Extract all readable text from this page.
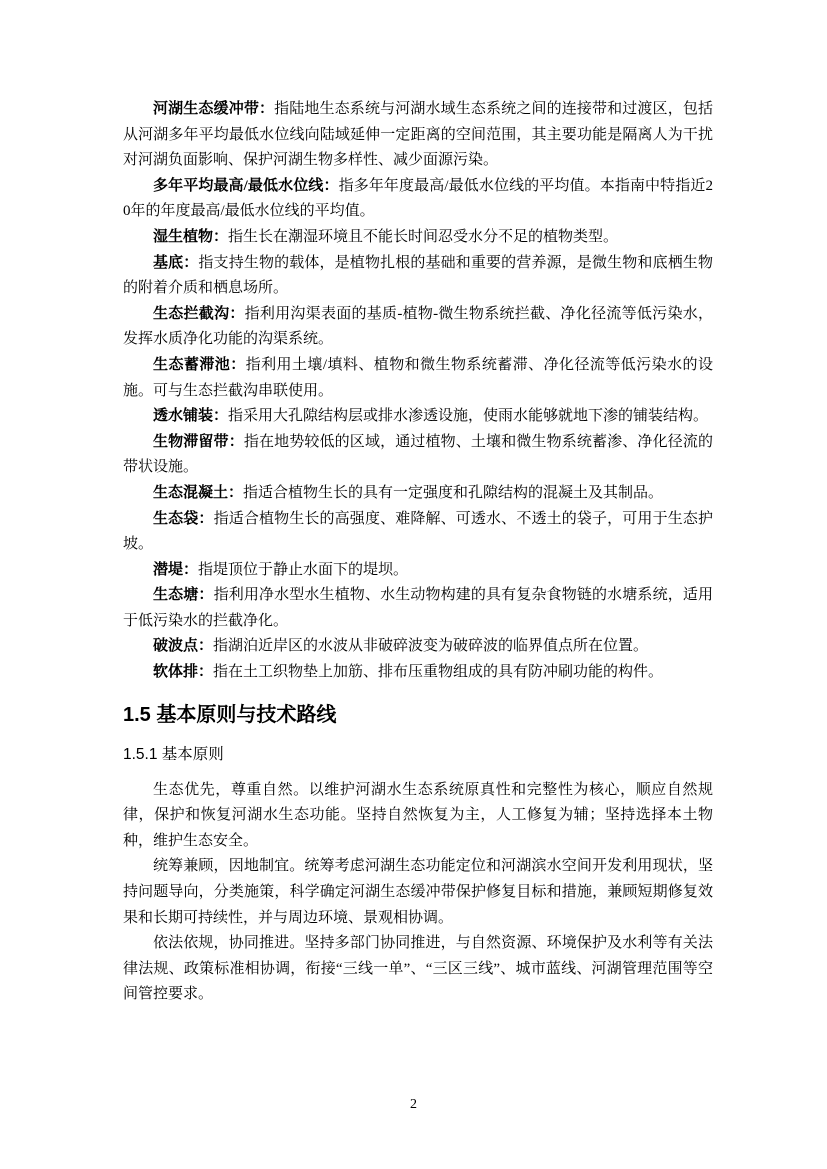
河湖生态缓冲带：指陆地生态系统与河湖水域生态系统之间的连接带和过渡区，包括从河湖多年平均最低水位线向陆域延伸一定距离的空间范围，其主要功能是隔离人为干扰对河湖负面影响、保护河湖生物多样性、减少面源污染。

多年平均最高/最低水位线：指多年年度最高/最低水位线的平均值。本指南中特指近20年的年度最高/最低水位线的平均值。

湿生植物：指生长在潮湿环境且不能长时间忍受水分不足的植物类型。

基底：指支持生物的载体，是植物扎根的基础和重要的营养源，是微生物和底栖生物的附着介质和栖息场所。

生态拦截沟：指利用沟渠表面的基质-植物-微生物系统拦截、净化径流等低污染水，发挥水质净化功能的沟渠系统。

生态蓄滞池：指利用土壤/填料、植物和微生物系统蓄滞、净化径流等低污染水的设施。可与生态拦截沟串联使用。

透水铺装：指采用大孔隙结构层或排水渗透设施，使雨水能够就地下渗的铺装结构。

生物滞留带：指在地势较低的区域，通过植物、土壤和微生物系统蓄渗、净化径流的带状设施。

生态混凝土：指适合植物生长的具有一定强度和孔隙结构的混凝土及其制品。

生态袋：指适合植物生长的高强度、难降解、可透水、不透土的袋子，可用于生态护坡。

潜堤：指堤顶位于静止水面下的堤坝。

生态塘：指利用净水型水生植物、水生动物构建的具有复杂食物链的水塘系统，适用于低污染水的拦截净化。

破波点：指湖泊近岸区的水波从非破碎波变为破碎波的临界值点所在位置。

软体排：指在土工织物垫上加筋、排布压重物组成的具有防冲刷功能的构件。

1.5 基本原则与技术路线
1.5.1 基本原则

生态优先，尊重自然。以维护河湖水生态系统原真性和完整性为核心，顺应自然规律，保护和恢复河湖水生态功能。坚持自然恢复为主，人工修复为辅；坚持选择本土物种，维护生态安全。

统筹兼顾，因地制宜。统筹考虑河湖生态功能定位和河湖滨水空间开发利用现状，坚持问题导向，分类施策，科学确定河湖生态缓冲带保护修复目标和措施，兼顾短期修复效果和长期可持续性，并与周边环境、景观相协调。

依法依规，协同推进。坚持多部门协同推进，与自然资源、环境保护及水利等有关法律法规、政策标准相协调，衔接“三线一单”、“三区三线”、城市蓝线、河湖管理范围等空间管控要求。

2
